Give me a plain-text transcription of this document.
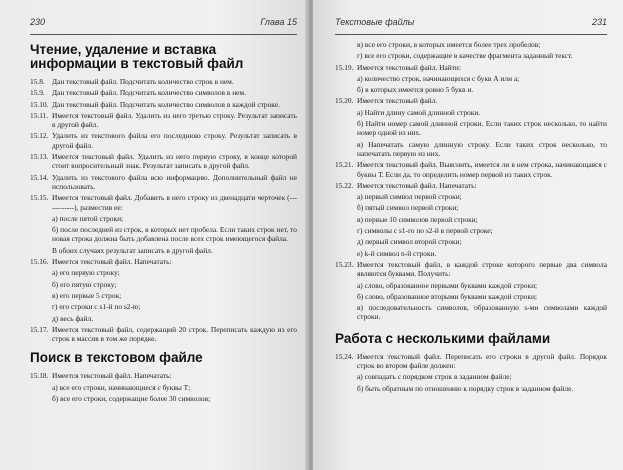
230	Глава 15
Чтение, удаление и вставка информации в текстовый файл
15.8. Дан текстовый файл. Подсчитать количество строк в нем.
15.9. Дан текстовый файл. Подсчитать количество символов в нем.
15.10. Дан текстовый файл. Подсчитать количество символов в каждой строке.
15.11. Имеется текстовый файл. Удалить из него третью строку. Результат записать в другой файл.
15.12. Удалить из текстового файла его последнюю строку. Результат записать в другой файл.
15.13. Имеется текстовый файл. Удалить из него первую строку, в конце которой стоит вопросительный знак. Результат записать в другой файл.
15.14. Удалить из текстового файла всю информацию. Дополнительный файл не использовать.
15.15. Имеется текстовый файл. Добавить в него строку из двенадцати черточек (------------), разместив ее:
а) после пятой строки;
б) после последней из строк, в которых нет пробела. Если таких строк нет, то новая строка должна быть добавлена после всех строк имеющегося файла.
В обоих случаях результат записать в другой файл.
15.16. Имеется текстовый файл. Напечатать:
а) его первую строку;
б) его пятую строку;
в) его первые 5 строк;
г) его строки с s1-й по s2-ю;
д) весь файл.
15.17. Имеется текстовый файл, содержащий 20 строк. Переписать каждую из его строк в массив в том же порядке.
Поиск в текстовом файле
15.18. Имеется текстовый файл. Напечатать:
а) все его строки, начинающиеся с буквы Т;
б) все его строки, содержащие более 30 символов;
Текстовые файлы	231
в) все его строки, в которых имеется более трех пробелов;
г) все его строки, содержащие в качестве фрагмента заданный текст.
15.19. Имеется текстовый файл. Найти:
а) количество строк, начинающихся с букв А или а;
б) в которых имеется ровно 5 букв и.
15.20. Имеется текстовый файл.
а) Найти длину самой длинной строки.
б) Найти номер самой длинной строки. Если таких строк несколько, то найти номер одной из них.
в) Напечатать самую длинную строку. Если таких строк несколько, то напечатать первую из них.
15.21. Имеется текстовый файл. Выяснить, имеется ли в нем строка, начинающаяся с буквы Т. Если да, то определить номер первой из таких строк.
15.22. Имеется текстовый файл. Напечатать:
а) первый символ первой строки;
б) пятый символ первой строки;
в) первые 10 символов первой строки;
г) символы с s1-го по s2-й в первой строке;
д) первый символ второй строки;
е) k-й символ n-й строки.
15.23. Имеется текстовый файл, в каждой строке которого первые два символа являются буквами. Получить:
а) слово, образованное первыми буквами каждой строки;
б) слово, образованное вторыми буквами каждой строки;
в) последовательность символов, образованную s-ми символами каждой строки.
Работа с несколькими файлами
15.24. Имеется текстовый файл. Переписать его строки в другой файл. Порядок строк во втором файле должен:
а) совпадать с порядком строк в заданном файле;
б) быть обратным по отношению к порядку строк в заданном файле.
